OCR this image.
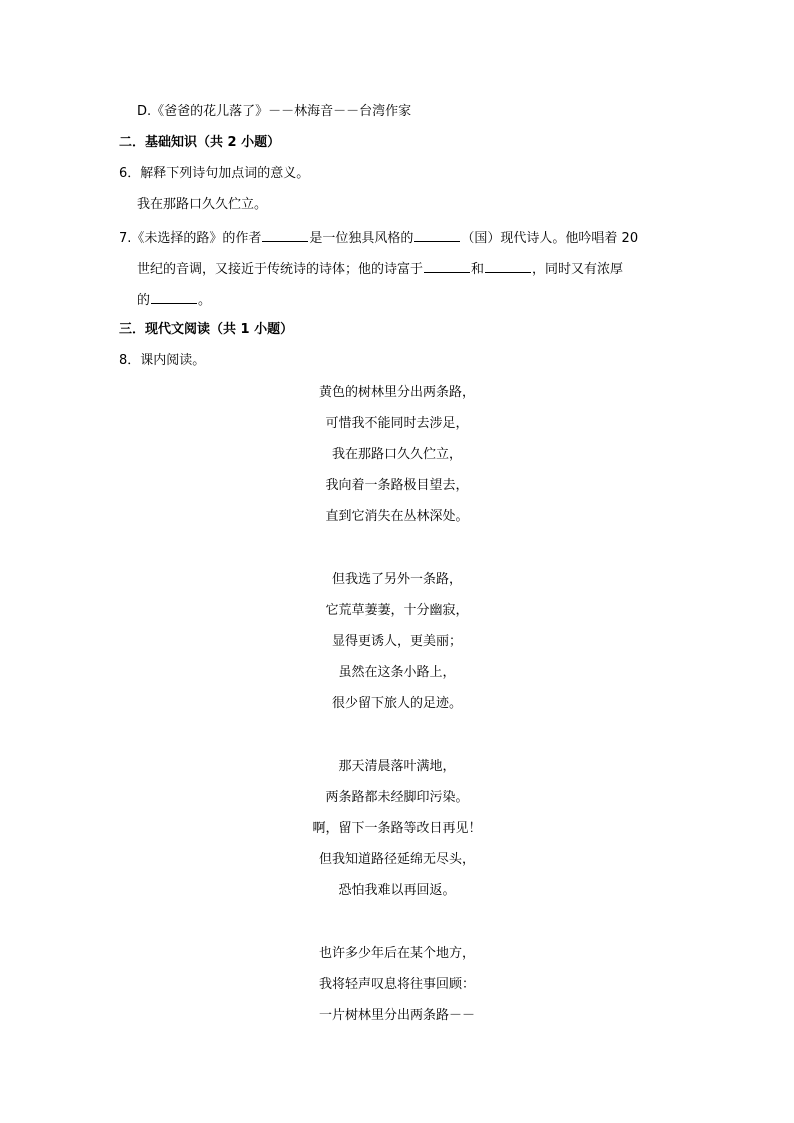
D.《爸爸的花儿落了》－－林海音－－台湾作家
二．基础知识（共 2 小题）
6．解释下列诗句加点词的意义。
我在那路口久久伫立。
7.《未选择的路》的作者	是一位独具风格的	（国）现代诗人。他吟唱着 20
世纪的音调，又接近于传统诗的诗体；他的诗富于	和	，同时又有浓厚
的	。
三．现代文阅读（共 1 小题）
8．课内阅读。
黄色的树林里分出两条路，
可惜我不能同时去涉足，
我在那路口久久伫立，
我向着一条路极目望去，
直到它消失在丛林深处。
但我选了另外一条路，
它荒草萋萋，十分幽寂，
显得更诱人，更美丽；
虽然在这条小路上，
很少留下旅人的足迹。
那天清晨落叶满地，
两条路都未经脚印污染。
啊，留下一条路等改日再见！
但我知道路径延绵无尽头，
恐怕我难以再回返。
也许多少年后在某个地方，
我将轻声叹息将往事回顾：
一片树林里分出两条路－－
